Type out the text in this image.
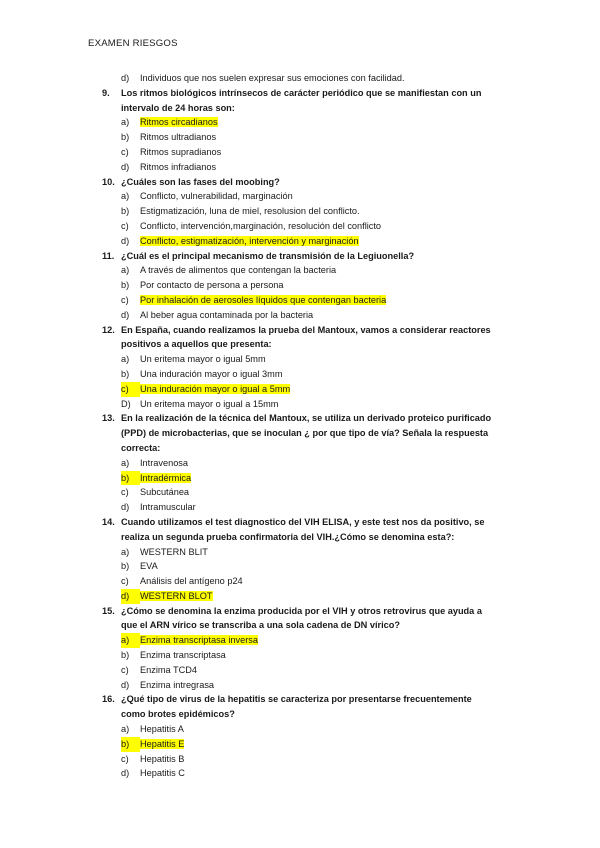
EXAMEN RIESGOS
d) Individuos que nos suelen expresar sus emociones con facilidad.
9. Los ritmos biológicos intrínsecos de carácter periódico que se manifiestan con un
intervalo de 24 horas son:
a) Ritmos circadianos
b) Ritmos ultradianos
c) Ritmos supradianos
d) Ritmos infradianos
10. ¿Cuáles son las fases del moobing?
a) Conflicto, vulnerabilidad, marginación
b) Estigmatización, luna de miel, resolusion del conflicto.
c) Conflicto, intervención,marginación, resolución del conflicto
d) Conflicto, estigmatización, intervención y marginación
11. ¿Cuál es el principal mecanismo de transmisión de la Legiuonella?
a) A través de alimentos que contengan la bacteria
b) Por contacto de persona a persona
c) Por inhalación de aerosoles líquidos que contengan bacteria
d) Al beber agua contaminada por la bacteria
12. En España, cuando realizamos la prueba del Mantoux, vamos a considerar reactores
positivos a aquellos que presenta:
a) Un eritema mayor o igual 5mm
b) Una induración mayor o igual 3mm
c) Una induración mayor o igual a 5mm
D) Un eritema mayor o igual a 15mm
13. En la realización de la técnica del Mantoux, se utiliza un derivado proteico purificado
(PPD) de microbacterias, que se inoculan ¿ por que tipo de vía? Señala la respuesta
correcta:
a) Intravenosa
b) Intradérmica
c) Subcutánea
d) Intramuscular
14. Cuando utilizamos el test diagnostico del VIH ELISA, y este test nos da positivo, se
realiza un segunda prueba confirmatoria del VIH.¿Cómo se denomina esta?:
a) WESTERN BLIT
b) EVA
c) Análisis del antígeno p24
d) WESTERN BLOT
15. ¿Cómo se denomina la enzima producida por el VIH y otros retrovirus que ayuda a
que el ARN vírico se transcriba a una sola cadena de DN vírico?
a) Enzima transcriptasa inversa
b) Enzima transcriptasa
c) Enzima TCD4
d) Enzima intregrasa
16. ¿Qué tipo de virus de la hepatitis se caracteriza por presentarse frecuentemente
como brotes epidémicos?
a) Hepatitis A
b) Hepatitis E
c) Hepatitis B
d) Hepatitis C
